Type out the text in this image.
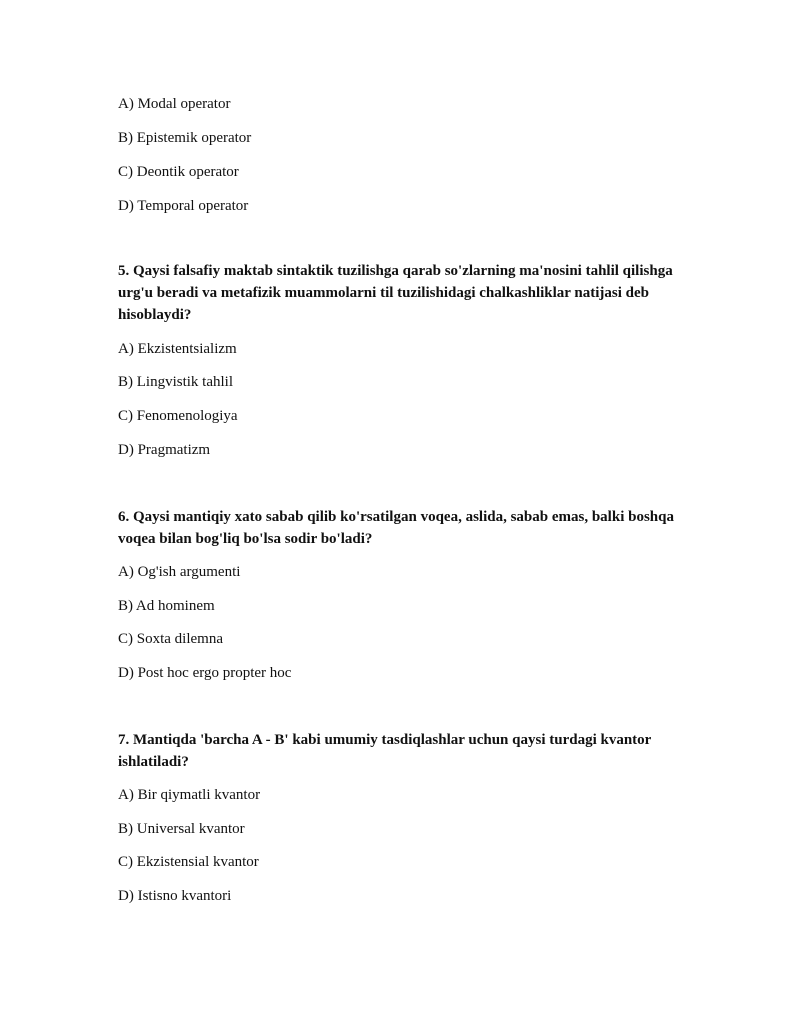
A) Modal operator
B) Epistemik operator
C) Deontik operator
D) Temporal operator
5. Qaysi falsafiy maktab sintaktik tuzilishga qarab so'zlarning ma'nosini tahlil qilishga urg'u beradi va metafizik muammolarni til tuzilishidagi chalkashliklar natijasi deb hisoblaydi?
A) Ekzistentsializm
B) Lingvistik tahlil
C) Fenomenologiya
D) Pragmatizm
6. Qaysi mantiqiy xato sabab qilib ko'rsatilgan voqea, aslida, sabab emas, balki boshqa voqea bilan bog'liq bo'lsa sodir bo'ladi?
A) Og'ish argumenti
B) Ad hominem
C) Soxta dilemna
D) Post hoc ergo propter hoc
7. Mantiqda 'barcha A - B' kabi umumiy tasdiqlashlar uchun qaysi turdagi kvantor ishlatiladi?
A) Bir qiymatli kvantor
B) Universal kvantor
C) Ekzistensial kvantor
D) Istisno kvantori
